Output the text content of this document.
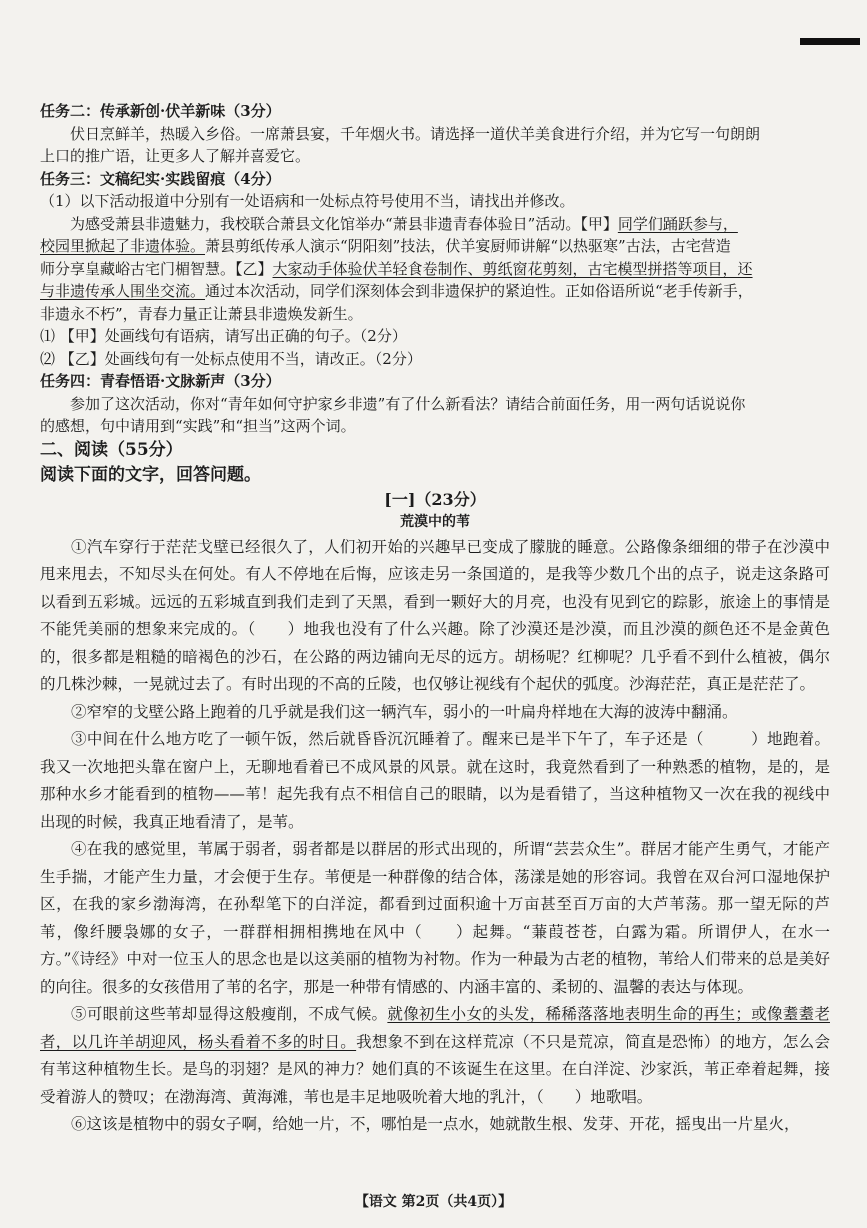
任务二：传承新创·伏羊新味（3分）

伏日烹鲜羊，热暖入乡俗。一席萧县宴，千年烟火书。请选择一道伏羊美食进行介绍，并为它写一句朗朗

上口的推广语，让更多人了解并喜爱它。

任务三：文稿纪实·实践留痕（4分）

（1）以下活动报道中分别有一处语病和一处标点符号使用不当，请找出并修改。

为感受萧县非遗魅力，我校联合萧县文化馆举办“萧县非遗青春体验日”活动。【甲】同学们踊跃参与，

校园里掀起了非遗体验。萧县剪纸传承人演示“阴阳刻”技法，伏羊宴厨师讲解“以热驱寒”古法，古宅营造

师分享皇藏峪古宅门楣智慧。【乙】大家动手体验伏羊轻食卷制作、剪纸窗花剪刻，古宅模型拼搭等项目，还

与非遗传承人围坐交流。通过本次活动，同学们深刻体会到非遗保护的紧迫性。正如俗语所说“老手传新手，

非遗永不朽”，青春力量正让萧县非遗焕发新生。

⑴ 【甲】处画线句有语病，请写出正确的句子。（2分）

⑵ 【乙】处画线句有一处标点使用不当，请改正。（2分）

任务四：青春悟语·文脉新声（3分）

参加了这次活动，你对“青年如何守护家乡非遗”有了什么新看法？请结合前面任务，用一两句话说说你

的感想，句中请用到“实践”和“担当”这两个词。

二、阅读（55分）

阅读下面的文字，回答问题。

[一]（23分）

荒漠中的苇

①汽车穿行于茫茫戈壁已经很久了，人们初开始的兴趣早已变成了朦胧的睡意。公路像条细细的带子在沙漠中甩来甩去，不知尽头在何处。有人不停地在后悔，应该走另一条国道的，是我等少数几个出的点子，说走这条路可以看到五彩城。远远的五彩城直到我们走到了天黑，看到一颗好大的月亮，也没有见到它的踪影，旅途上的事情是不能凭美丽的想象来完成的。（　　）地我也没有了什么兴趣。除了沙漠还是沙漠，而且沙漠的颜色还不是金黄色的，很多都是粗糙的暗褐色的沙石，在公路的两边铺向无尽的远方。胡杨呢？红柳呢？几乎看不到什么植被，偶尔的几株沙棘，一晃就过去了。有时出现的不高的丘陵，也仅够让视线有个起伏的弧度。沙海茫茫，真正是茫茫了。

②窄窄的戈壁公路上跑着的几乎就是我们这一辆汽车，弱小的一叶扁舟样地在大海的波涛中翻涌。

③中间在什么地方吃了一顿午饭，然后就昏昏沉沉睡着了。醒来已是半下午了，车子还是（　　　）地跑着。我又一次地把头靠在窗户上，无聊地看着已不成风景的风景。就在这时，我竟然看到了一种熟悉的植物，是的，是那种水乡才能看到的植物——苇！起先我有点不相信自己的眼睛，以为是看错了，当这种植物又一次在我的视线中出现的时候，我真正地看清了，是苇。

④在我的感觉里，苇属于弱者，弱者都是以群居的形式出现的，所谓“芸芸众生”。群居才能产生勇气，才能产生手揣，才能产生力量，才会便于生存。苇便是一种群像的结合体，荡漾是她的形容词。我曾在双台河口湿地保护区，在我的家乡渤海湾，在孙犁笔下的白洋淀，都看到过面积逾十万亩甚至百万亩的大芦苇荡。那一望无际的芦苇，像纤腰袅娜的女子，一群群相拥相携地在风中（　　）起舞。“蒹葭苍苍，白露为霜。所谓伊人，在水一方。”《诗经》中对一位玉人的思念也是以这美丽的植物为衬物。作为一种最为古老的植物，苇给人们带来的总是美好的向往。很多的女孩借用了苇的名字，那是一种带有情感的、内涵丰富的、柔韧的、温馨的表达与体现。

⑤可眼前这些苇却显得这般瘦削，不成气候。就像初生小女的头发，稀稀落落地表明生命的再生；或像耋耋老者，以几许羊胡迎风，杨头看着不多的时日。我想象不到在这样荒凉（不只是荒凉，简直是恐怖）的地方，怎么会有苇这种植物生长。是鸟的羽翅？是风的神力？她们真的不该诞生在这里。在白洋淀、沙家浜，苇正牵着起舞，接受着游人的赞叹；在渤海湾、黄海滩，苇也是丰足地吸吮着大地的乳汁，（　　）地歌唱。

⑥这该是植物中的弱女子啊，给她一片，不，哪怕是一点水，她就散生根、发芽、开花，摇曳出一片星火，

【语文 第2页（共4页）】
